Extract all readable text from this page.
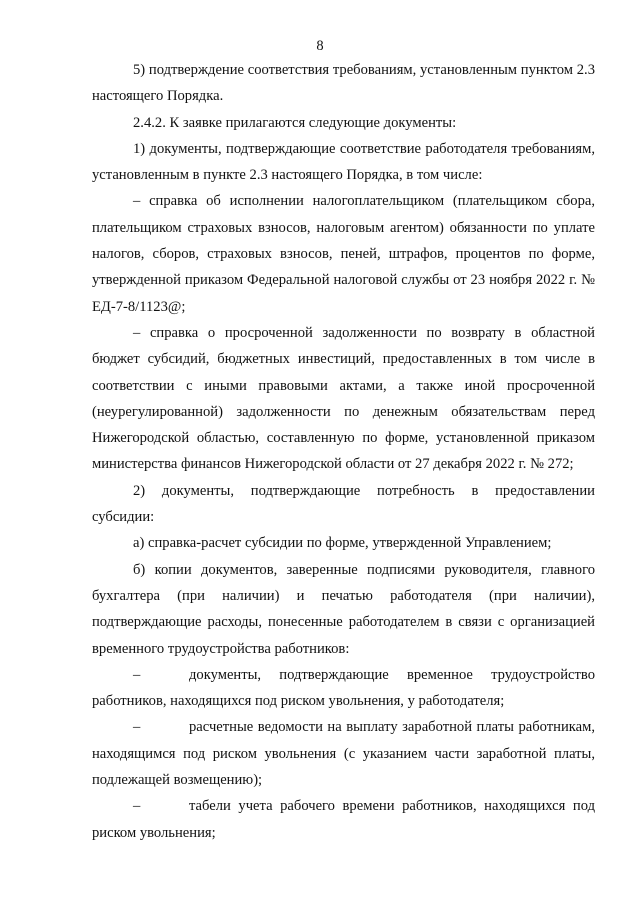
8

5) подтверждение соответствия требованиям, установленным пунктом 2.3 настоящего Порядка.

2.4.2. К заявке прилагаются следующие документы:

1) документы, подтверждающие соответствие работодателя требованиям, установленным в пункте 2.3 настоящего Порядка, в том числе:

– справка об исполнении налогоплательщиком (плательщиком сбора, плательщиком страховых взносов, налоговым агентом) обязанности по уплате налогов, сборов, страховых взносов, пеней, штрафов, процентов по форме, утвержденной приказом Федеральной налоговой службы от 23 ноября 2022 г. № ЕД-7-8/1123@;

– справка о просроченной задолженности по возврату в областной бюджет субсидий, бюджетных инвестиций, предоставленных в том числе в соответствии с иными правовыми актами, а также иной просроченной (неурегулированной) задолженности по денежным обязательствам перед Нижегородской областью, составленную по форме, установленной приказом министерства финансов Нижегородской области от 27 декабря 2022 г. № 272;

2) документы, подтверждающие потребность в предоставлении субсидии:

а) справка-расчет субсидии по форме, утвержденной Управлением;

б) копии документов, заверенные подписями руководителя, главного бухгалтера (при наличии) и печатью работодателя (при наличии), подтверждающие расходы, понесенные работодателем в связи с организацией временного трудоустройства работников:

–	документы, подтверждающие временное трудоустройство работников, находящихся под риском увольнения, у работодателя;

–	расчетные ведомости на выплату заработной платы работникам, находящимся под риском увольнения (с указанием части заработной платы, подлежащей возмещению);

–	табели учета рабочего времени работников, находящихся под риском увольнения;
